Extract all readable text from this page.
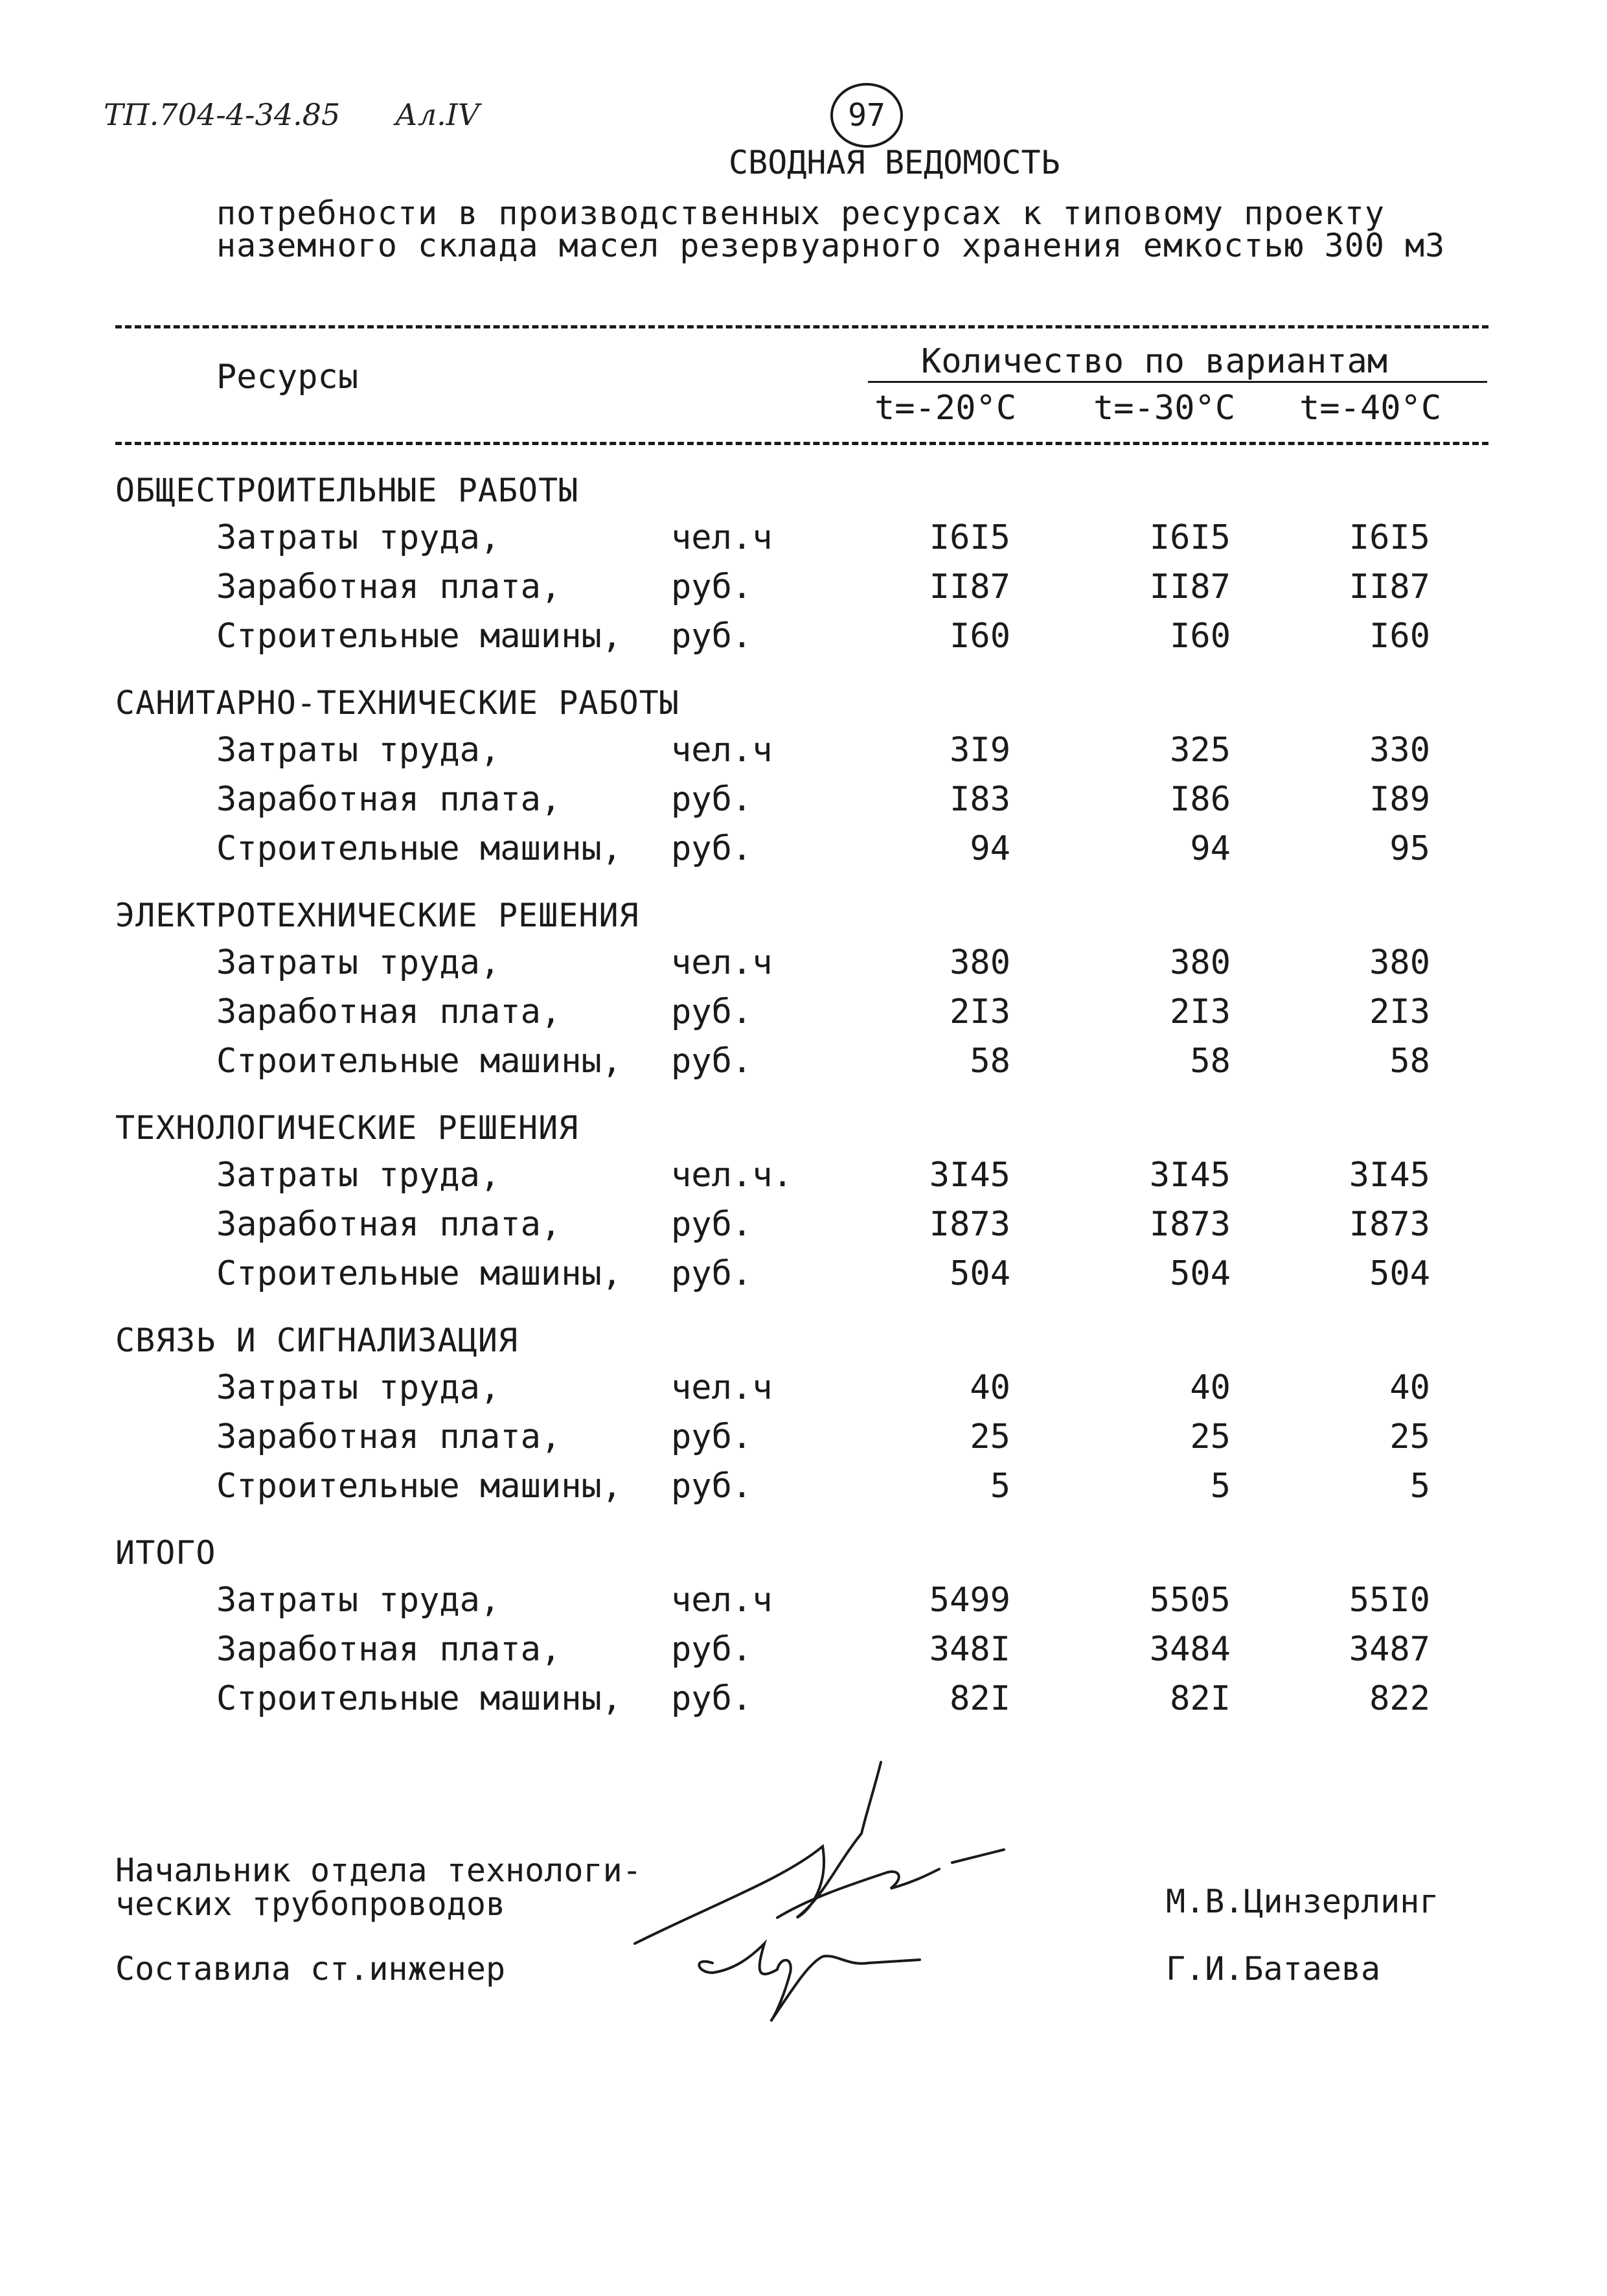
ТП.704-4-34.85 Ал.IV	97
СВОДНАЯ ВЕДОМОСТЬ
потребности в производственных ресурсах к типовому проекту
наземного склада масел резервуарного хранения емкостью 300 м3
Ресурсы	Количество по вариантам
t=-20°C t=-30°C t=-40°C
ОБЩЕСТРОИТЕЛЬНЫЕ РАБОТЫ
Затраты труда,	чел.ч	I6I5	I6I5	I6I5
Заработная плата,	руб.	II87	II87	II87
Строительные машины, руб.	I60	I60	I60
САНИТАРНО-ТЕХНИЧЕСКИЕ РАБОТЫ
Затраты труда,	чел.ч	3I9	325	330
Заработная плата,	руб.	I83	I86	I89
Строительные машины, руб.	94	94	95
ЭЛЕКТРОТЕХНИЧЕСКИЕ РЕШЕНИЯ
Затраты труда,	чел.ч	380	380	380
Заработная плата,	руб.	2I3	2I3	2I3
Строительные машины, руб.	58	58	58
ТЕХНОЛОГИЧЕСКИЕ РЕШЕНИЯ
Затраты труда,	чел.ч.	3I45	3I45	3I45
Заработная плата,	руб.	I873	I873	I873
Строительные машины, руб.	504	504	504
СВЯЗЬ И СИГНАЛИЗАЦИЯ
Затраты труда,	чел.ч	40	40	40
Заработная плата,	руб.	25	25	25
Строительные машины, руб.	5	5	5
ИТОГО
Затраты труда,	чел.ч	5499	5505	55I0
Заработная плата,	руб.	348I	3484	3487
Строительные машины, руб.	82I	82I	822
Начальник отдела технологи-
ческих трубопроводов	М.В.Цинзерлинг
Составила ст.инженер	Г.И.Батаева
